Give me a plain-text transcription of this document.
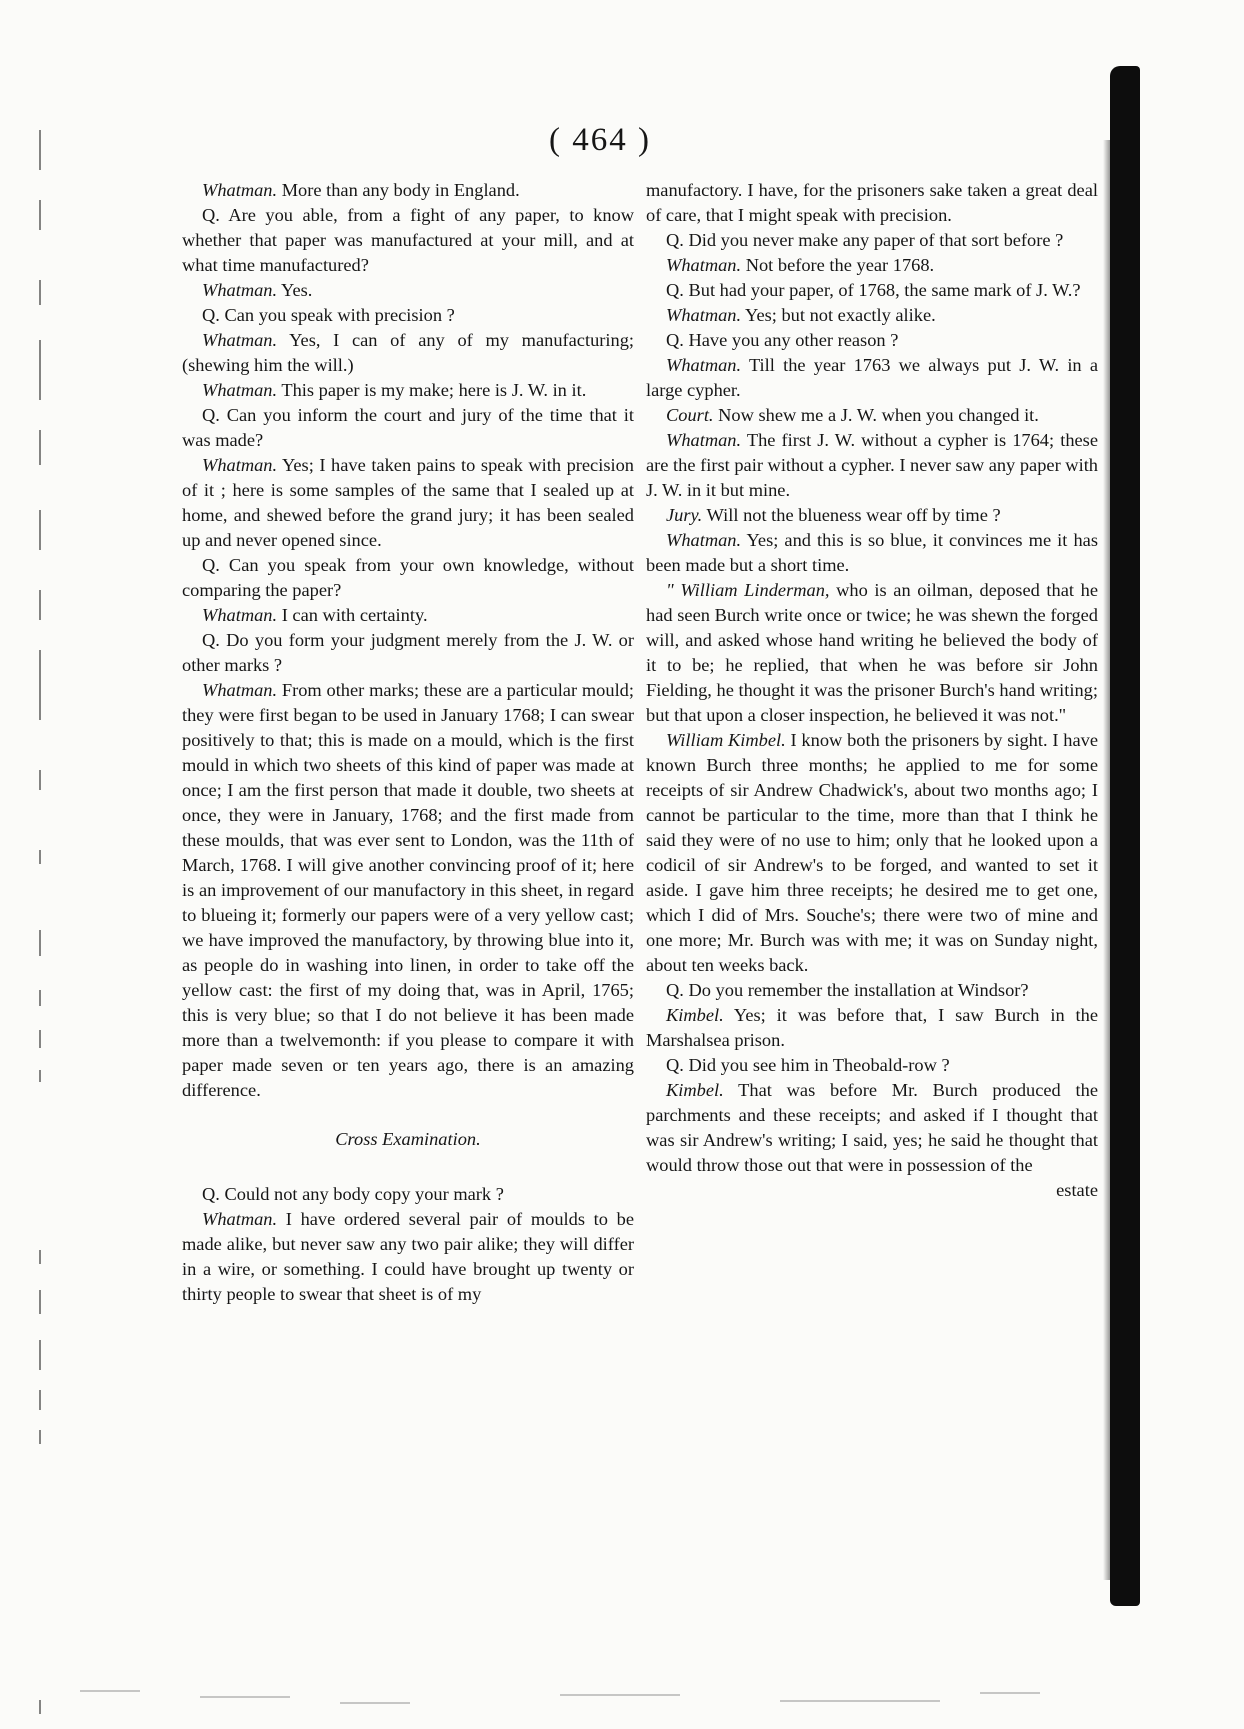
( 464 )

Whatman. More than any body in England.

Q. Are you able, from a fight of any paper, to know whether that paper was manufactured at your mill, and at what time manufactured?

Whatman. Yes.

Q. Can you speak with precision ?

Whatman. Yes, I can of any of my manufacturing; (shewing him the will.)

Whatman. This paper is my make; here is J. W. in it.

Q. Can you inform the court and jury of the time that it was made?

Whatman. Yes; I have taken pains to speak with precision of it ; here is some samples of the same that I sealed up at home, and shewed before the grand jury; it has been sealed up and never opened since.

Q. Can you speak from your own knowledge, without comparing the paper?

Whatman. I can with certainty.

Q. Do you form your judgment merely from the J. W. or other marks ?

Whatman. From other marks; these are a particular mould; they were first began to be used in January 1768; I can swear positively to that; this is made on a mould, which is the first mould in which two sheets of this kind of paper was made at once; I am the first person that made it double, two sheets at once, they were in January, 1768; and the first made from these moulds, that was ever sent to London, was the 11th of March, 1768. I will give another convincing proof of it; here is an improvement of our manufactory in this sheet, in regard to blueing it; formerly our papers were of a very yellow cast; we have improved the manufactory, by throwing blue into it, as people do in washing into linen, in order to take off the yellow cast: the first of my doing that, was in April, 1765; this is very blue; so that I do not believe it has been made more than a twelvemonth: if you please to compare it with paper made seven or ten years ago, there is an amazing difference.

Cross Examination.

Q. Could not any body copy your mark ?

Whatman. I have ordered several pair of moulds to be made alike, but never saw any two pair alike; they will differ in a wire, or something. I could have brought up twenty or thirty people to swear that sheet is of my

manufactory. I have, for the prisoners sake taken a great deal of care, that I might speak with precision.

Q. Did you never make any paper of that sort before ?

Whatman. Not before the year 1768.

Q. But had your paper, of 1768, the same mark of J. W.?

Whatman. Yes; but not exactly alike.

Q. Have you any other reason ?

Whatman. Till the year 1763 we always put J. W. in a large cypher.

Court. Now shew me a J. W. when you changed it.

Whatman. The first J. W. without a cypher is 1764; these are the first pair without a cypher. I never saw any paper with J. W. in it but mine.

Jury. Will not the blueness wear off by time ?

Whatman. Yes; and this is so blue, it convinces me it has been made but a short time.

" William Linderman, who is an oilman, deposed that he had seen Burch write once or twice; he was shewn the forged will, and asked whose hand writing he believed the body of it to be; he replied, that when he was before sir John Fielding, he thought it was the prisoner Burch's hand writing; but that upon a closer inspection, he believed it was not."

William Kimbel. I know both the prisoners by sight. I have known Burch three months; he applied to me for some receipts of sir Andrew Chadwick's, about two months ago; I cannot be particular to the time, more than that I think he said they were of no use to him; only that he looked upon a codicil of sir Andrew's to be forged, and wanted to set it aside. I gave him three receipts; he desired me to get one, which I did of Mrs. Souche's; there were two of mine and one more; Mr. Burch was with me; it was on Sunday night, about ten weeks back.

Q. Do you remember the installation at Windsor?

Kimbel. Yes; it was before that, I saw Burch in the Marshalsea prison.

Q. Did you see him in Theobald-row ?

Kimbel. That was before Mr. Burch produced the parchments and these receipts; and asked if I thought that was sir Andrew's writing; I said, yes; he said he thought that would throw those out that were in possession of the

estate
